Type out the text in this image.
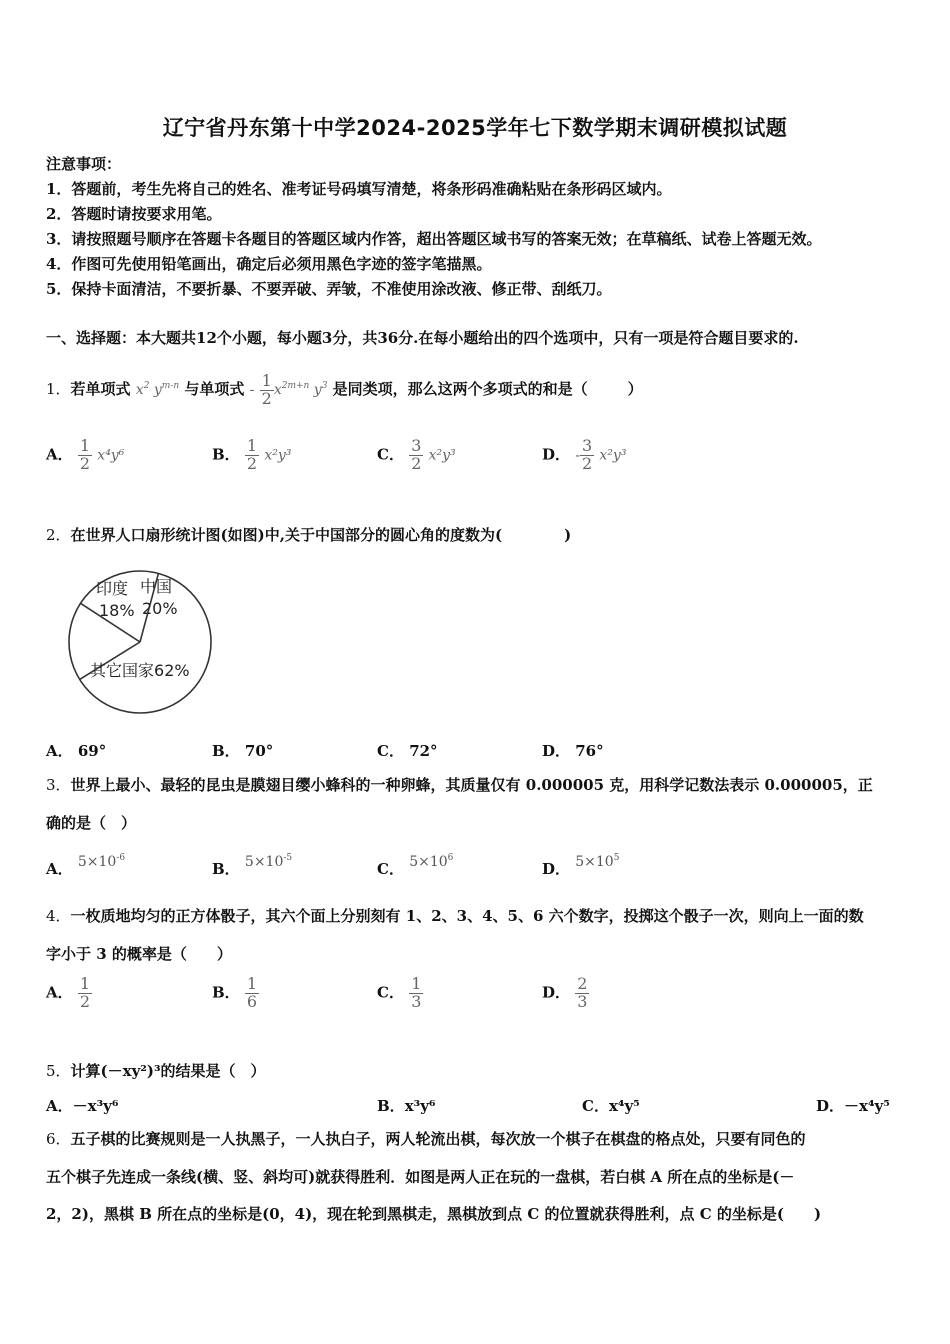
辽宁省丹东第十中学2024-2025学年七下数学期末调研模拟试题
注意事项：
1．答题前，考生先将自己的姓名、准考证号码填写清楚，将条形码准确粘贴在条形码区域内。
2．答题时请按要求用笔。
3．请按照题号顺序在答题卡各题目的答题区域内作答，超出答题区域书写的答案无效；在草稿纸、试卷上答题无效。
4．作图可先使用铅笔画出，确定后必须用黑色字迹的签字笔描黑。
5．保持卡面清洁，不要折暴、不要弄破、弄皱，不准使用涂改液、修正带、刮纸刀。
一、选择题：本大题共12个小题，每小题3分，共36分.在每小题给出的四个选项中，只有一项是符合题目要求的.
1．若单项式 $x^2$ $y^{m-n}$ 与单项式 - $\frac{1}{2} x^{2m+n}$ $y^3$ 是同类项，那么这两个多项式的和是（	）
A． $\frac{1}{2} x^4y^6$	B． $\frac{1}{2} x^2y^3$	C． $\frac{3}{2} x^2y^3$	D． - $\frac{3}{2} x^2y^3$
2．在世界人口扇形统计图(如图)中,关于中国部分的圆心角的度数为(	)
中国
20%
印度
18%
其它国家62%
A． 69°	B． 70°	C． 72°	D． 76°
3．世界上最小、最轻的昆虫是膜翅目缨小蜂科的一种卵蜂，其质量仅有 0.000005 克，用科学记数法表示 0.000005，正
确的是（　）
A． $5\times 10^{-6}$
B． $5\times 10^{-5}$
C． $5\times 10^6$
D． $5\times 10^5$
4．一枚质地均匀的正方体骰子，其六个面上分别刻有 1、2、3、4、5、6 六个数字，投掷这个骰子一次，则向上一面的数
字小于 3 的概率是（　　）
A． $\frac{1}{2}$	B． $\frac{1}{6}$	C． $\frac{1}{3}$	D． $\frac{2}{3}$
5．计算(－xy²)³的结果是（　）
A．－x³y⁶	B．x³y⁶	C．x⁴y⁵	D．－x⁴y⁵
6．五子棋的比赛规则是一人执黑子，一人执白子，两人轮流出棋，每次放一个棋子在棋盘的格点处，只要有同色的
五个棋子先连成一条线(横、竖、斜均可)就获得胜利．如图是两人正在玩的一盘棋，若白棋 A 所在点的坐标是(－
2，2)，黑棋 B 所在点的坐标是(0，4)，现在轮到黑棋走，黑棋放到点 C 的位置就获得胜利，点 C 的坐标是(　　)
